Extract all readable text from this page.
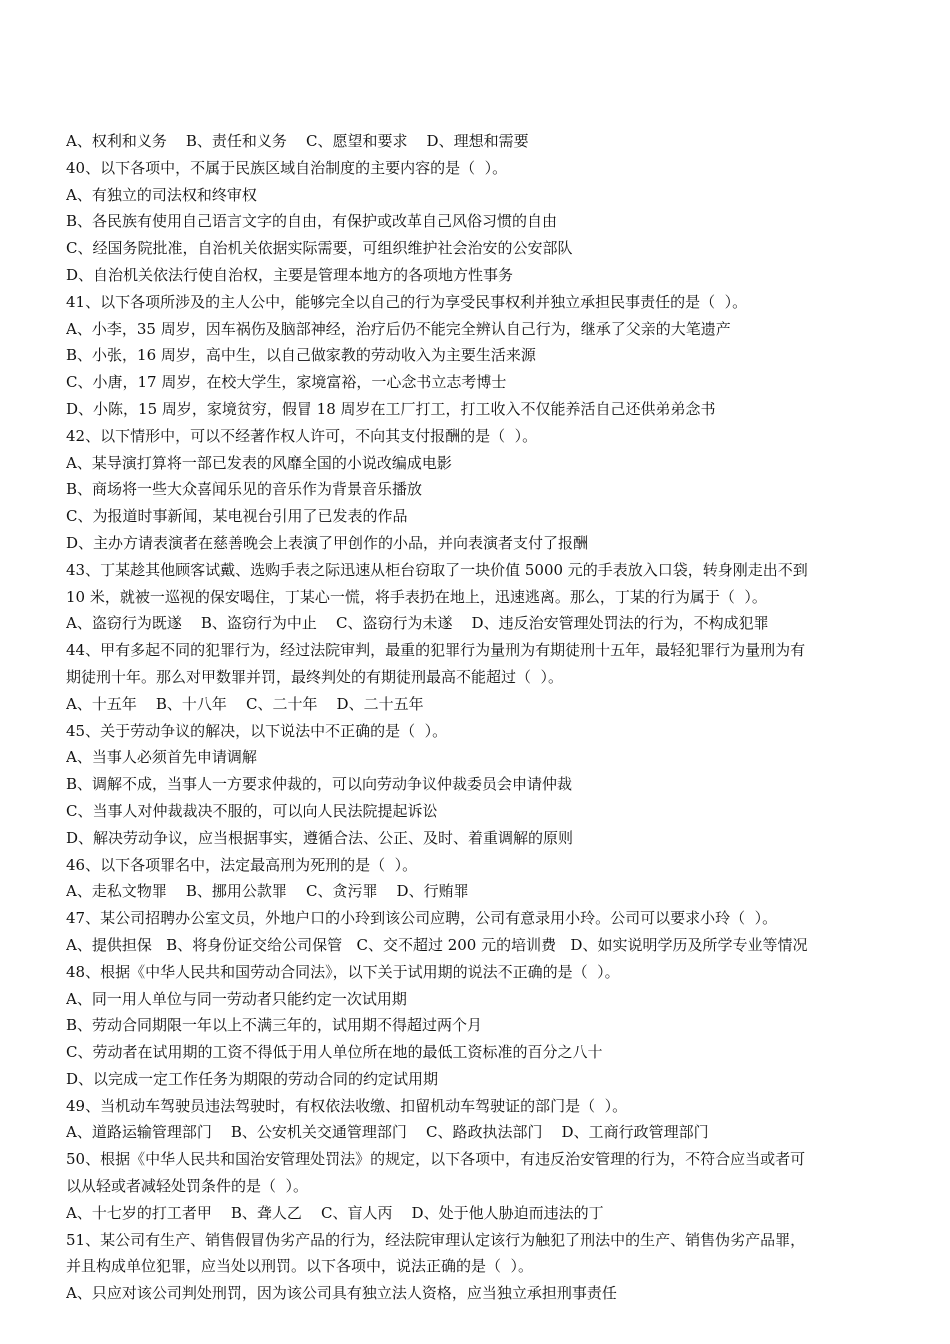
A、权利和义务    B、责任和义务    C、愿望和要求    D、理想和需要
40、以下各项中，不属于民族区域自治制度的主要内容的是（  ）。
A、有独立的司法权和终审权
B、各民族有使用自己语言文字的自由，有保护或改革自己风俗习惯的自由
C、经国务院批准，自治机关依据实际需要，可组织维护社会治安的公安部队
D、自治机关依法行使自治权，主要是管理本地方的各项地方性事务
41、以下各项所涉及的主人公中，能够完全以自己的行为享受民事权利并独立承担民事责任的是（  ）。
A、小李，35 周岁，因车祸伤及脑部神经，治疗后仍不能完全辨认自己行为，继承了父亲的大笔遗产
B、小张，16 周岁，高中生，以自己做家教的劳动收入为主要生活来源
C、小唐，17 周岁，在校大学生，家境富裕，一心念书立志考博士
D、小陈，15 周岁，家境贫穷，假冒 18 周岁在工厂打工，打工收入不仅能养活自己还供弟弟念书
42、以下情形中，可以不经著作权人许可，不向其支付报酬的是（  ）。
A、某导演打算将一部已发表的风靡全国的小说改编成电影
B、商场将一些大众喜闻乐见的音乐作为背景音乐播放
C、为报道时事新闻，某电视台引用了已发表的作品
D、主办方请表演者在慈善晚会上表演了甲创作的小品，并向表演者支付了报酬
43、丁某趁其他顾客试戴、选购手表之际迅速从柜台窃取了一块价值 5000 元的手表放入口袋，转身刚走出不到
10 米，就被一巡视的保安喝住，丁某心一慌，将手表扔在地上，迅速逃离。那么，丁某的行为属于（  ）。
A、盗窃行为既遂    B、盗窃行为中止    C、盗窃行为未遂    D、违反治安管理处罚法的行为，不构成犯罪
44、甲有多起不同的犯罪行为，经过法院审判，最重的犯罪行为量刑为有期徒刑十五年，最轻犯罪行为量刑为有
期徒刑十年。那么对甲数罪并罚，最终判处的有期徒刑最高不能超过（  ）。
A、十五年    B、十八年    C、二十年    D、二十五年
45、关于劳动争议的解决，以下说法中不正确的是（  ）。
A、当事人必须首先申请调解
B、调解不成，当事人一方要求仲裁的，可以向劳动争议仲裁委员会申请仲裁
C、当事人对仲裁裁决不服的，可以向人民法院提起诉讼
D、解决劳动争议，应当根据事实，遵循合法、公正、及时、着重调解的原则
46、以下各项罪名中，法定最高刑为死刑的是（  ）。
A、走私文物罪    B、挪用公款罪    C、贪污罪    D、行贿罪
47、某公司招聘办公室文员，外地户口的小玲到该公司应聘，公司有意录用小玲。公司可以要求小玲（  ）。
A、提供担保   B、将身份证交给公司保管   C、交不超过 200 元的培训费   D、如实说明学历及所学专业等情况
48、根据《中华人民共和国劳动合同法》，以下关于试用期的说法不正确的是（  ）。
A、同一用人单位与同一劳动者只能约定一次试用期
B、劳动合同期限一年以上不满三年的，试用期不得超过两个月
C、劳动者在试用期的工资不得低于用人单位所在地的最低工资标准的百分之八十
D、以完成一定工作任务为期限的劳动合同的约定试用期
49、当机动车驾驶员违法驾驶时，有权依法收缴、扣留机动车驾驶证的部门是（  ）。
A、道路运输管理部门    B、公安机关交通管理部门    C、路政执法部门    D、工商行政管理部门
50、根据《中华人民共和国治安管理处罚法》的规定，以下各项中，有违反治安管理的行为，不符合应当或者可
以从轻或者减轻处罚条件的是（  ）。
A、十七岁的打工者甲    B、聋人乙    C、盲人丙    D、处于他人胁迫而违法的丁
51、某公司有生产、销售假冒伪劣产品的行为，经法院审理认定该行为触犯了刑法中的生产、销售伪劣产品罪，
并且构成单位犯罪，应当处以刑罚。以下各项中，说法正确的是（  ）。
A、只应对该公司判处刑罚，因为该公司具有独立法人资格，应当独立承担刑事责任
